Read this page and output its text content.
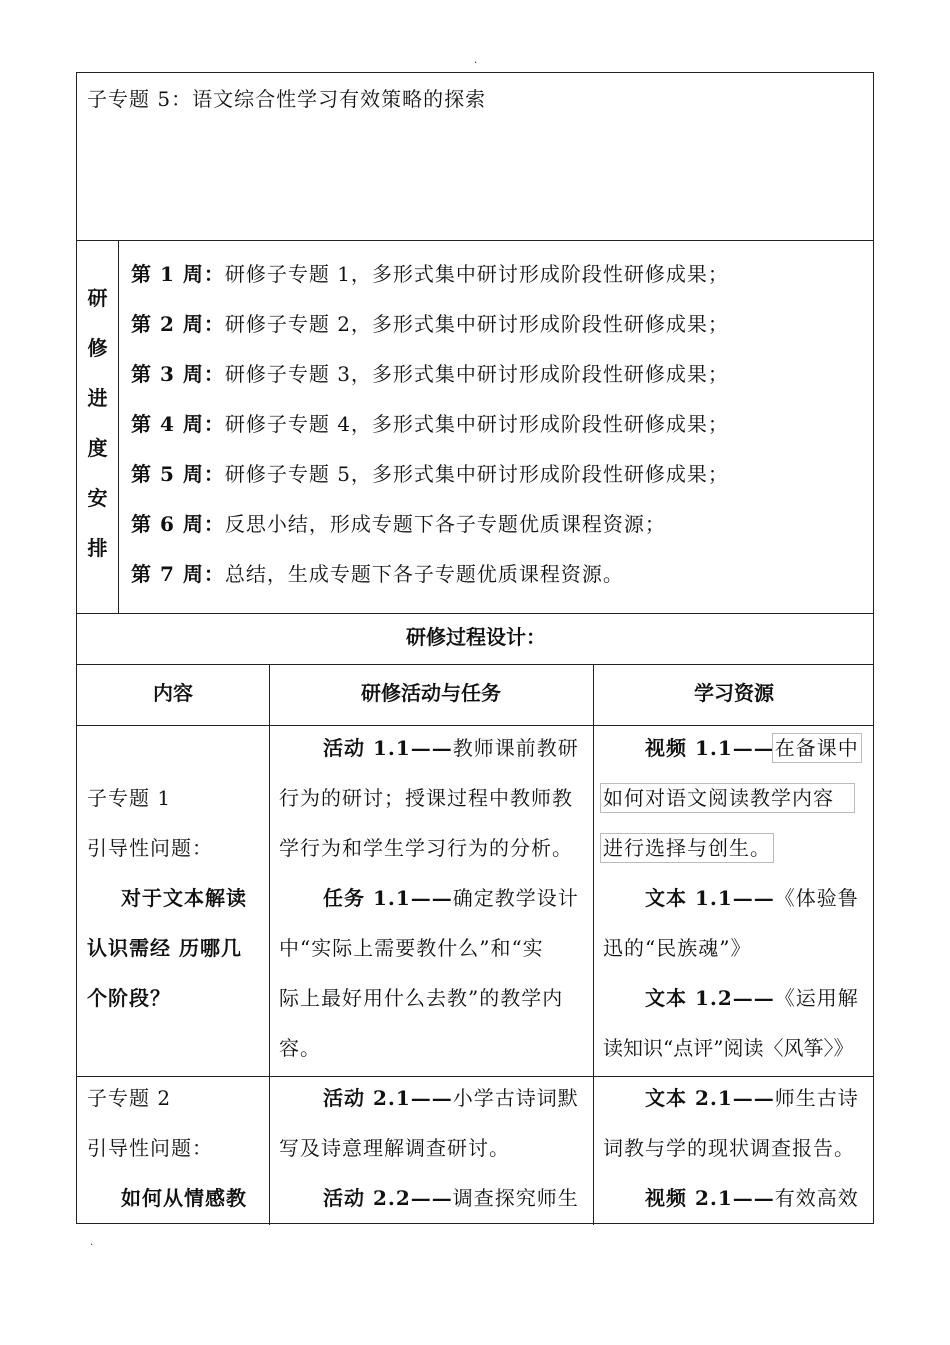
·
·
子专题 5：语文综合性学习有效策略的探索
研
修
进
度
安
排
第 1 周：研修子专题 1，多形式集中研讨形成阶段性研修成果；
第 2 周：研修子专题 2，多形式集中研讨形成阶段性研修成果；
第 3 周：研修子专题 3，多形式集中研讨形成阶段性研修成果；
第 4 周：研修子专题 4，多形式集中研讨形成阶段性研修成果；
第 5 周：研修子专题 5，多形式集中研讨形成阶段性研修成果；
第 6 周：反思小结，形成专题下各子专题优质课程资源；
第 7 周：总结，生成专题下各子专题优质课程资源。
研修过程设计：
内容	研修活动与任务	学习资源
子专题 1
引导性问题：
对于文本解读
认识需经 历哪几
个阶段？
活动 1.1——教师课前教研
行为的研讨；授课过程中教师教
学行为和学生学习行为的分析。
任务 1.1——确定教学设计
中“实际上需要教什么”和“实
际上最好用什么去教”的教学内
容。
视频 1.1——在备课中
如何对语文阅读教学内容
进行选择与创生。
文本 1.1——《体验鲁
迅的“民族魂”》
文本 1.2——《运用解
读知识“点评”阅读〈风筝〉》
子专题 2
引导性问题：
如何从情感教
活动 2.1——小学古诗词默
写及诗意理解调查研讨。
活动 2.2——调查探究师生
文本 2.1——师生古诗
词教与学的现状调查报告。
视频 2.1——有效高效
